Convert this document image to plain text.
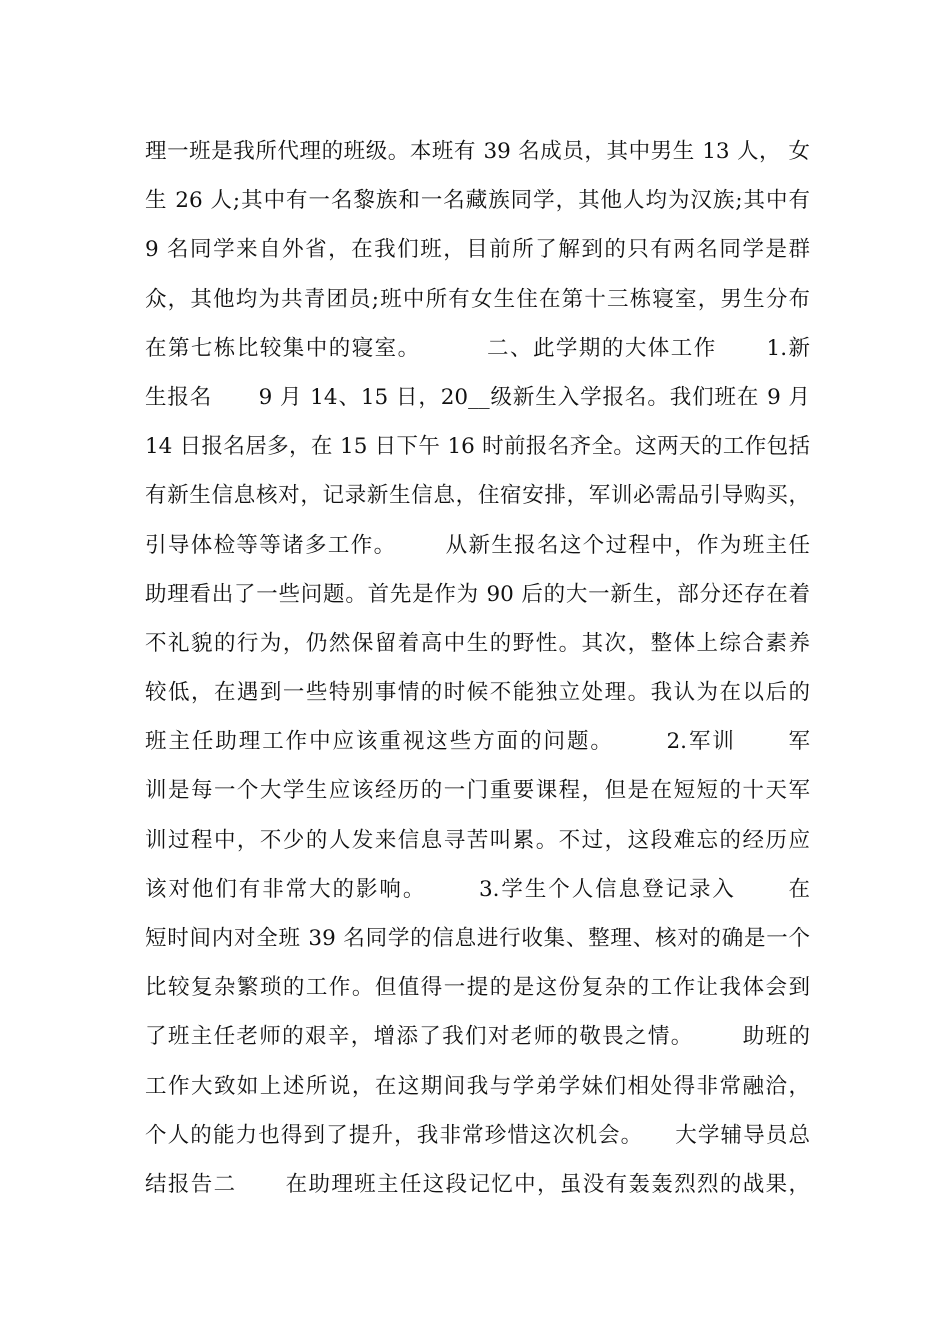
理一班是我所代理的班级。本班有 39 名成员，其中男生 13 人， 女
生 26 人;其中有一名黎族和一名藏族同学，其他人均为汉族;其中有
9 名同学来自外省，在我们班，目前所了解到的只有两名同学是群
众，其他均为共青团员;班中所有女生住在第十三栋寝室，男生分布
在第七栋比较集中的寝室。        二、此学期的大体工作      1.新
生报名      9 月 14、15 日，20__级新生入学报名。我们班在 9 月
14 日报名居多，在 15 日下午 16 时前报名齐全。这两天的工作包括
有新生信息核对，记录新生信息，住宿安排，军训必需品引导购买，
引导体检等等诸多工作。      从新生报名这个过程中，作为班主任
助理看出了一些问题。首先是作为 90 后的大一新生，部分还存在着
不礼貌的行为，仍然保留着高中生的野性。其次，整体上综合素养
较低，在遇到一些特别事情的时候不能独立处理。我认为在以后的
班主任助理工作中应该重视这些方面的问题。      2.军训      军
训是每一个大学生应该经历的一门重要课程，但是在短短的十天军
训过程中，不少的人发来信息寻苦叫累。不过，这段难忘的经历应
该对他们有非常大的影响。      3.学生个人信息登记录入      在
短时间内对全班 39 名同学的信息进行收集、整理、核对的确是一个
比较复杂繁琐的工作。但值得一提的是这份复杂的工作让我体会到
了班主任老师的艰辛，增添了我们对老师的敬畏之情。      助班的
工作大致如上述所说，在这期间我与学弟学妹们相处得非常融洽，
个人的能力也得到了提升，我非常珍惜这次机会。    大学辅导员总
结报告二      在助理班主任这段记忆中，虽没有轰轰烈烈的战果，
